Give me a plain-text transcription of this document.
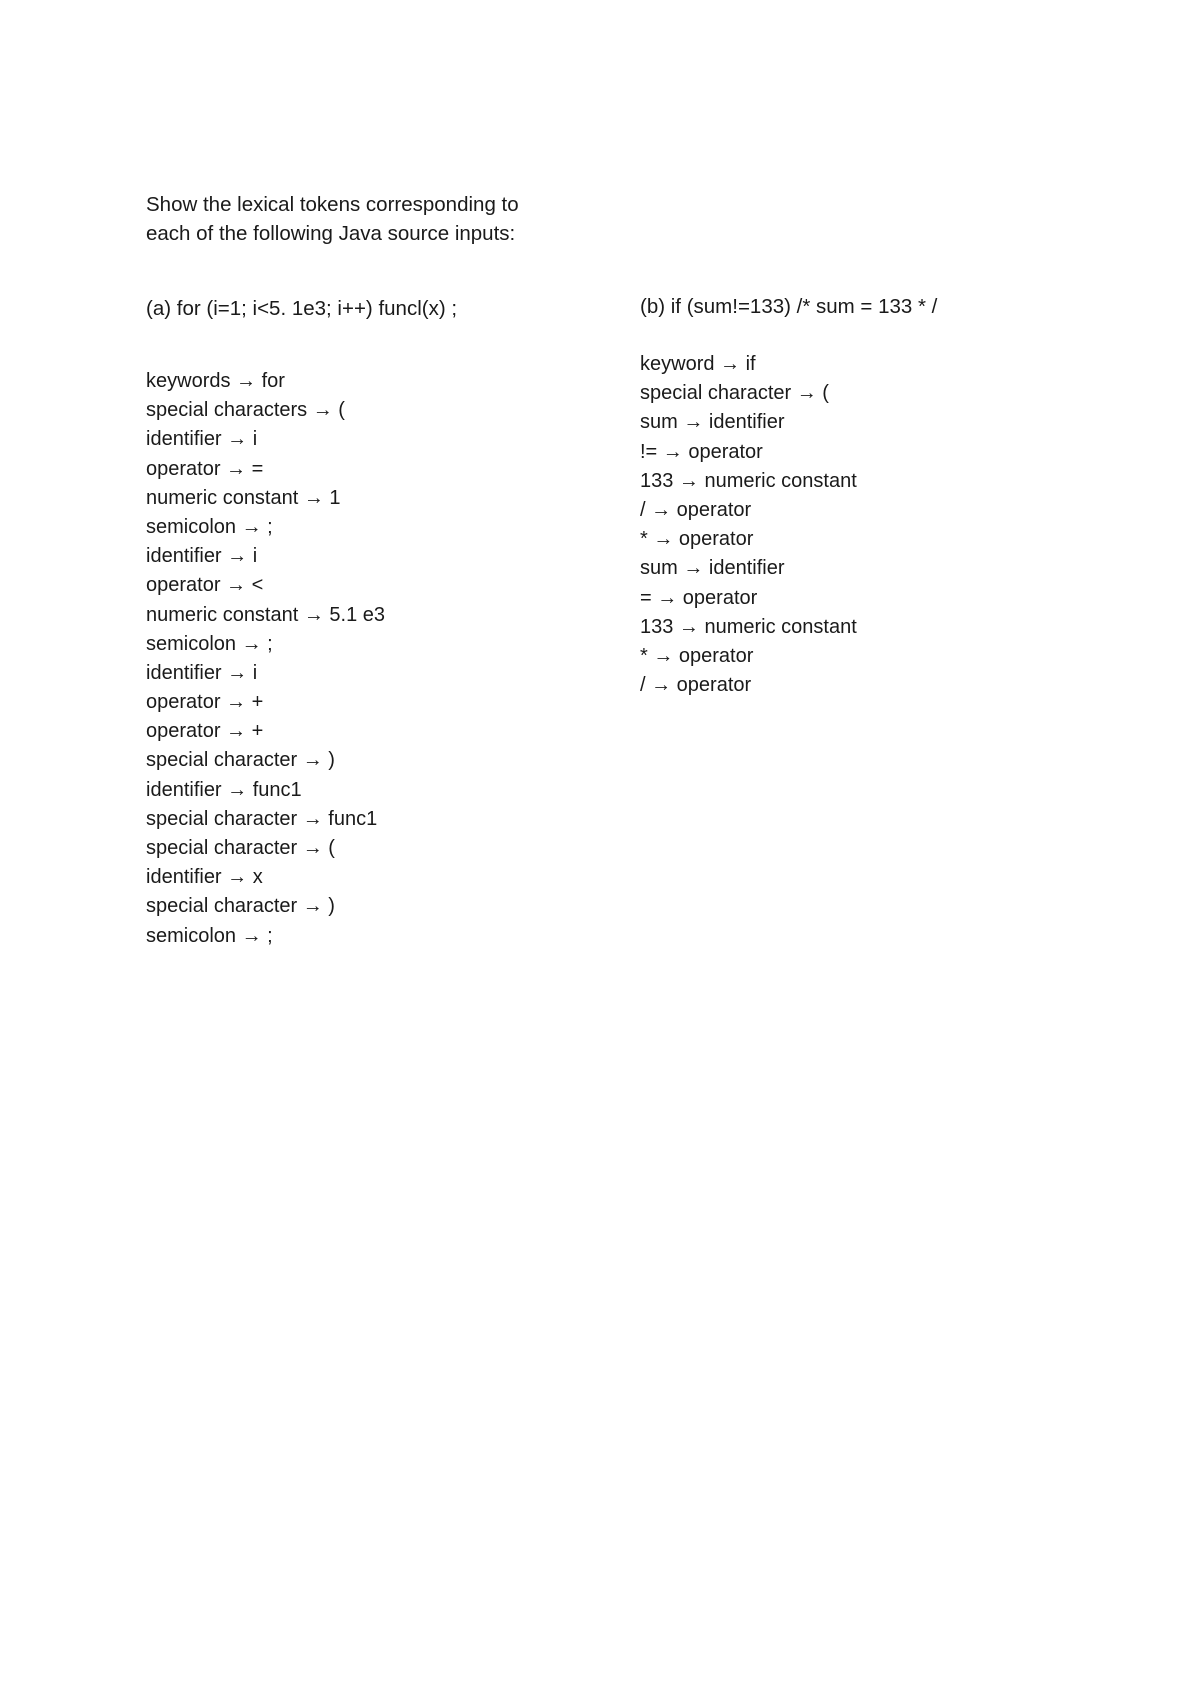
Show the lexical tokens corresponding to
each of the following Java source inputs:
(a) for (i=1; i<5. 1e3; i++) funcl(x) ;
keywords → for
special characters → (
identifier → i
operator → =
numeric constant → 1
semicolon → ;
identifier → i
operator → <
numeric constant → 5.1 e3
semicolon → ;
identifier → i
operator → +
operator → +
special character → )
identifier → func1
special character → func1
special character → (
identifier → x
special character → )
semicolon → ;
(b) if (sum!=133) /* sum = 133 * /
keyword → if
special character → (
sum → identifier
!= → operator
133 → numeric constant
/ → operator
* → operator
sum → identifier
= → operator
133 → numeric constant
* → operator
/ → operator
